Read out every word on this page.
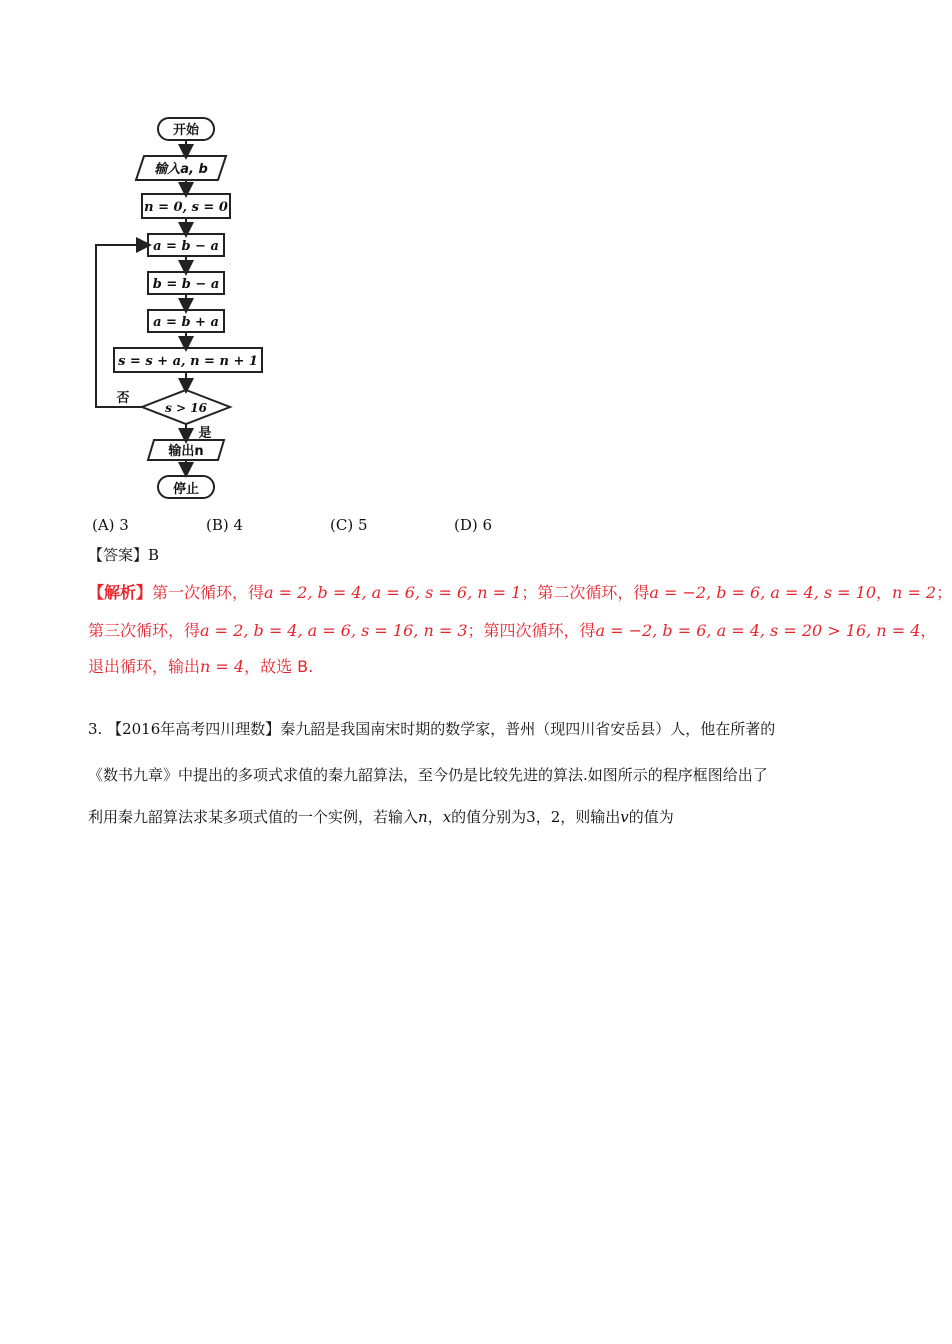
开始
输入a, b
n = 0, s = 0
a = b − a
b = b − a
a = b + a
s = s + a, n = n + 1
s > 16
否
是
输出n
停止
(A) 3	(B) 4	(C) 5	(D) 6
【答案】B
【解析】第一次循环，得a = 2, b = 4, a = 6, s = 6, n = 1；第二次循环，得a = −2, b = 6, a = 4, s = 10，n = 2；
第三次循环，得a = 2, b = 4, a = 6, s = 16, n = 3；第四次循环，得a = −2, b = 6, a = 4, s = 20 > 16, n = 4，
退出循环，输出n = 4，故选 B.
3. 【2016年高考四川理数】秦九韶是我国南宋时期的数学家，普州（现四川省安岳县）人，他在所著的
《数书九章》中提出的多项式求值的秦九韶算法，至今仍是比较先进的算法.如图所示的程序框图给出了
利用秦九韶算法求某多项式值的一个实例，若输入n，x的值分别为3，2，则输出v的值为
